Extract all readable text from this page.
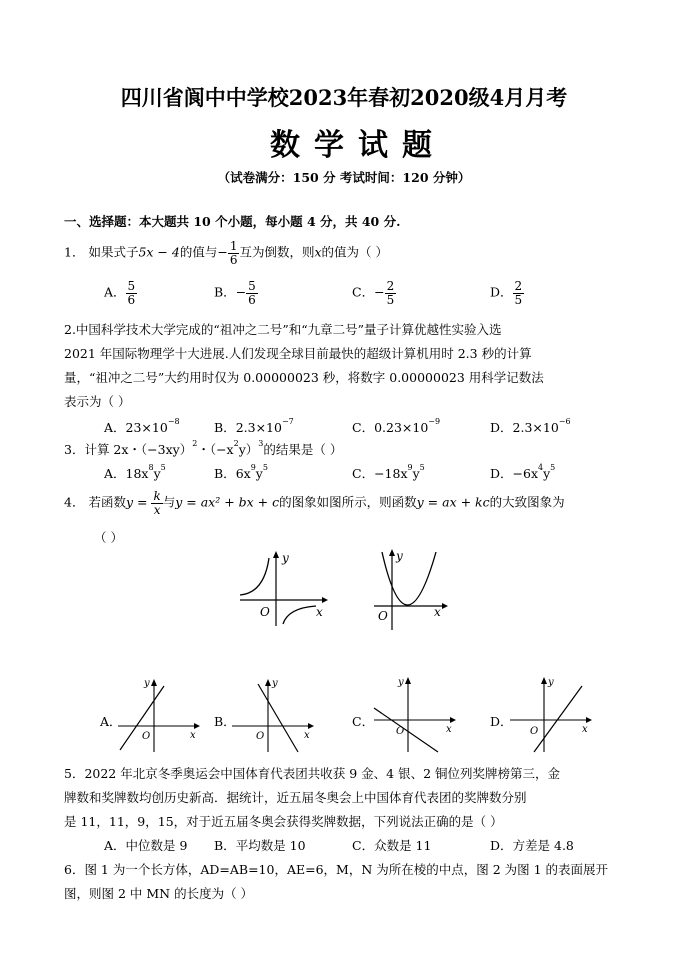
四川省阆中中学校2023年春初2020级4月月考
数学试题
（试卷满分：150 分 考试时间：120 分钟）
一、选择题：本大题共 10 个小题，每小题 4 分，共 40 分.
1． 如果式子5x − 4的值与− $\frac{1}{6}$ 互为倒数，则x的值为（ ）
A． $\frac{5}{6}$	B．− $\frac{5}{6}$	C．− $\frac{2}{5}$	D． $\frac{2}{5}$
2.中国科学技术大学完成的“祖冲之二号”和“九章二号”量子计算优越性实验入选
2021 年国际物理学十大进展.人们发现全球目前最快的超级计算机用时 2.3 秒的计算
量，“祖冲之二号”大约用时仅为 0.00000023 秒，将数字 0.00000023 用科学记数法
表示为（ ）
A．$23\times 10^{-8}$	B．$2.3\times 10^{-7}$	C．$0.23\times 10^{-9}$	D．$2.3\times 10^{-6}$
3．计算 2x・$(-3xy)^2$・$(-x^2y)^3$的结果是（ ）
A．$18x^8y^5$	B．$6x^9y^5$	C．$-18x^9y^5$	D．$-6x^4y^5$
4． 若函数$y = \frac{k}{x}$ 与y = ax² + bx + c的图象如图所示，则函数y = ax + kc的大致图象为
（ ）
y
x
O
y
x
O
A．
y
x
O
B．
y
x
O
C．
y
x
O
D．
y
x
O
5．2022 年北京冬季奥运会中国体育代表团共收获 9 金、4 银、2 铜位列奖牌榜第三，金
牌数和奖牌数均创历史新高．据统计，近五届冬奥会上中国体育代表团的奖牌数分别
是 11，11，9，15，对于近五届冬奥会获得奖牌数据，下列说法正确的是（ ）
A．中位数是 9 B．平均数是 10	C．众数是 11	D．方差是 4.8
6．图 1 为一个长方体，AD=AB=10，AE=6，M，N 为所在棱的中点，图 2 为图 1 的表面展开
图，则图 2 中 MN 的长度为（ ）
